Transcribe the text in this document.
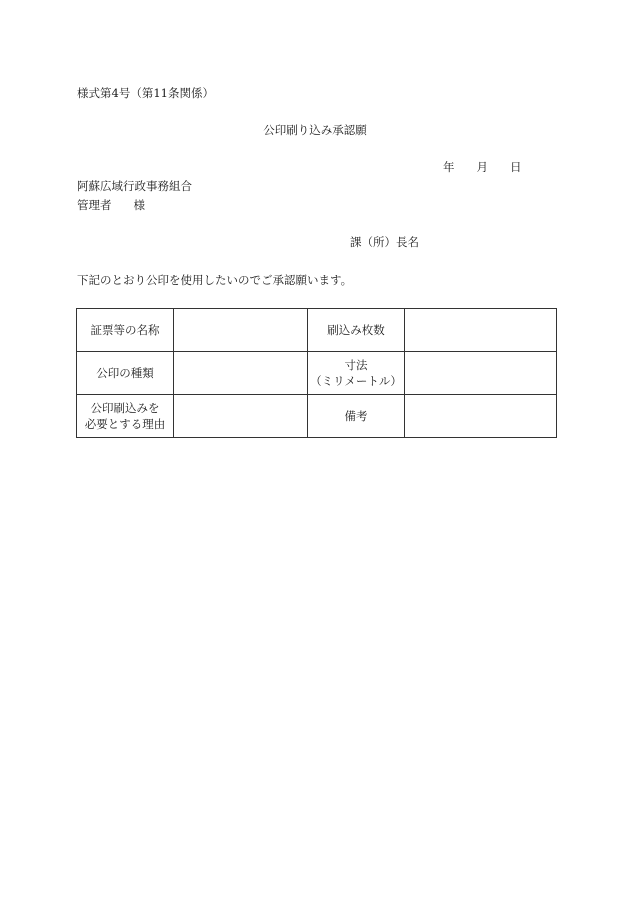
様式第4号（第11条関係）
公印刷り込み承認願
年 月 日
阿蘇広域行政事務組合
管理者 様
課（所）長名
下記のとおり公印を使用したいのでご承認願います。
証票等の名称		刷込み枚数	
公印の種類		寸法
（ミリメートル）	

公印刷込みを
必要とする理由		備考	
